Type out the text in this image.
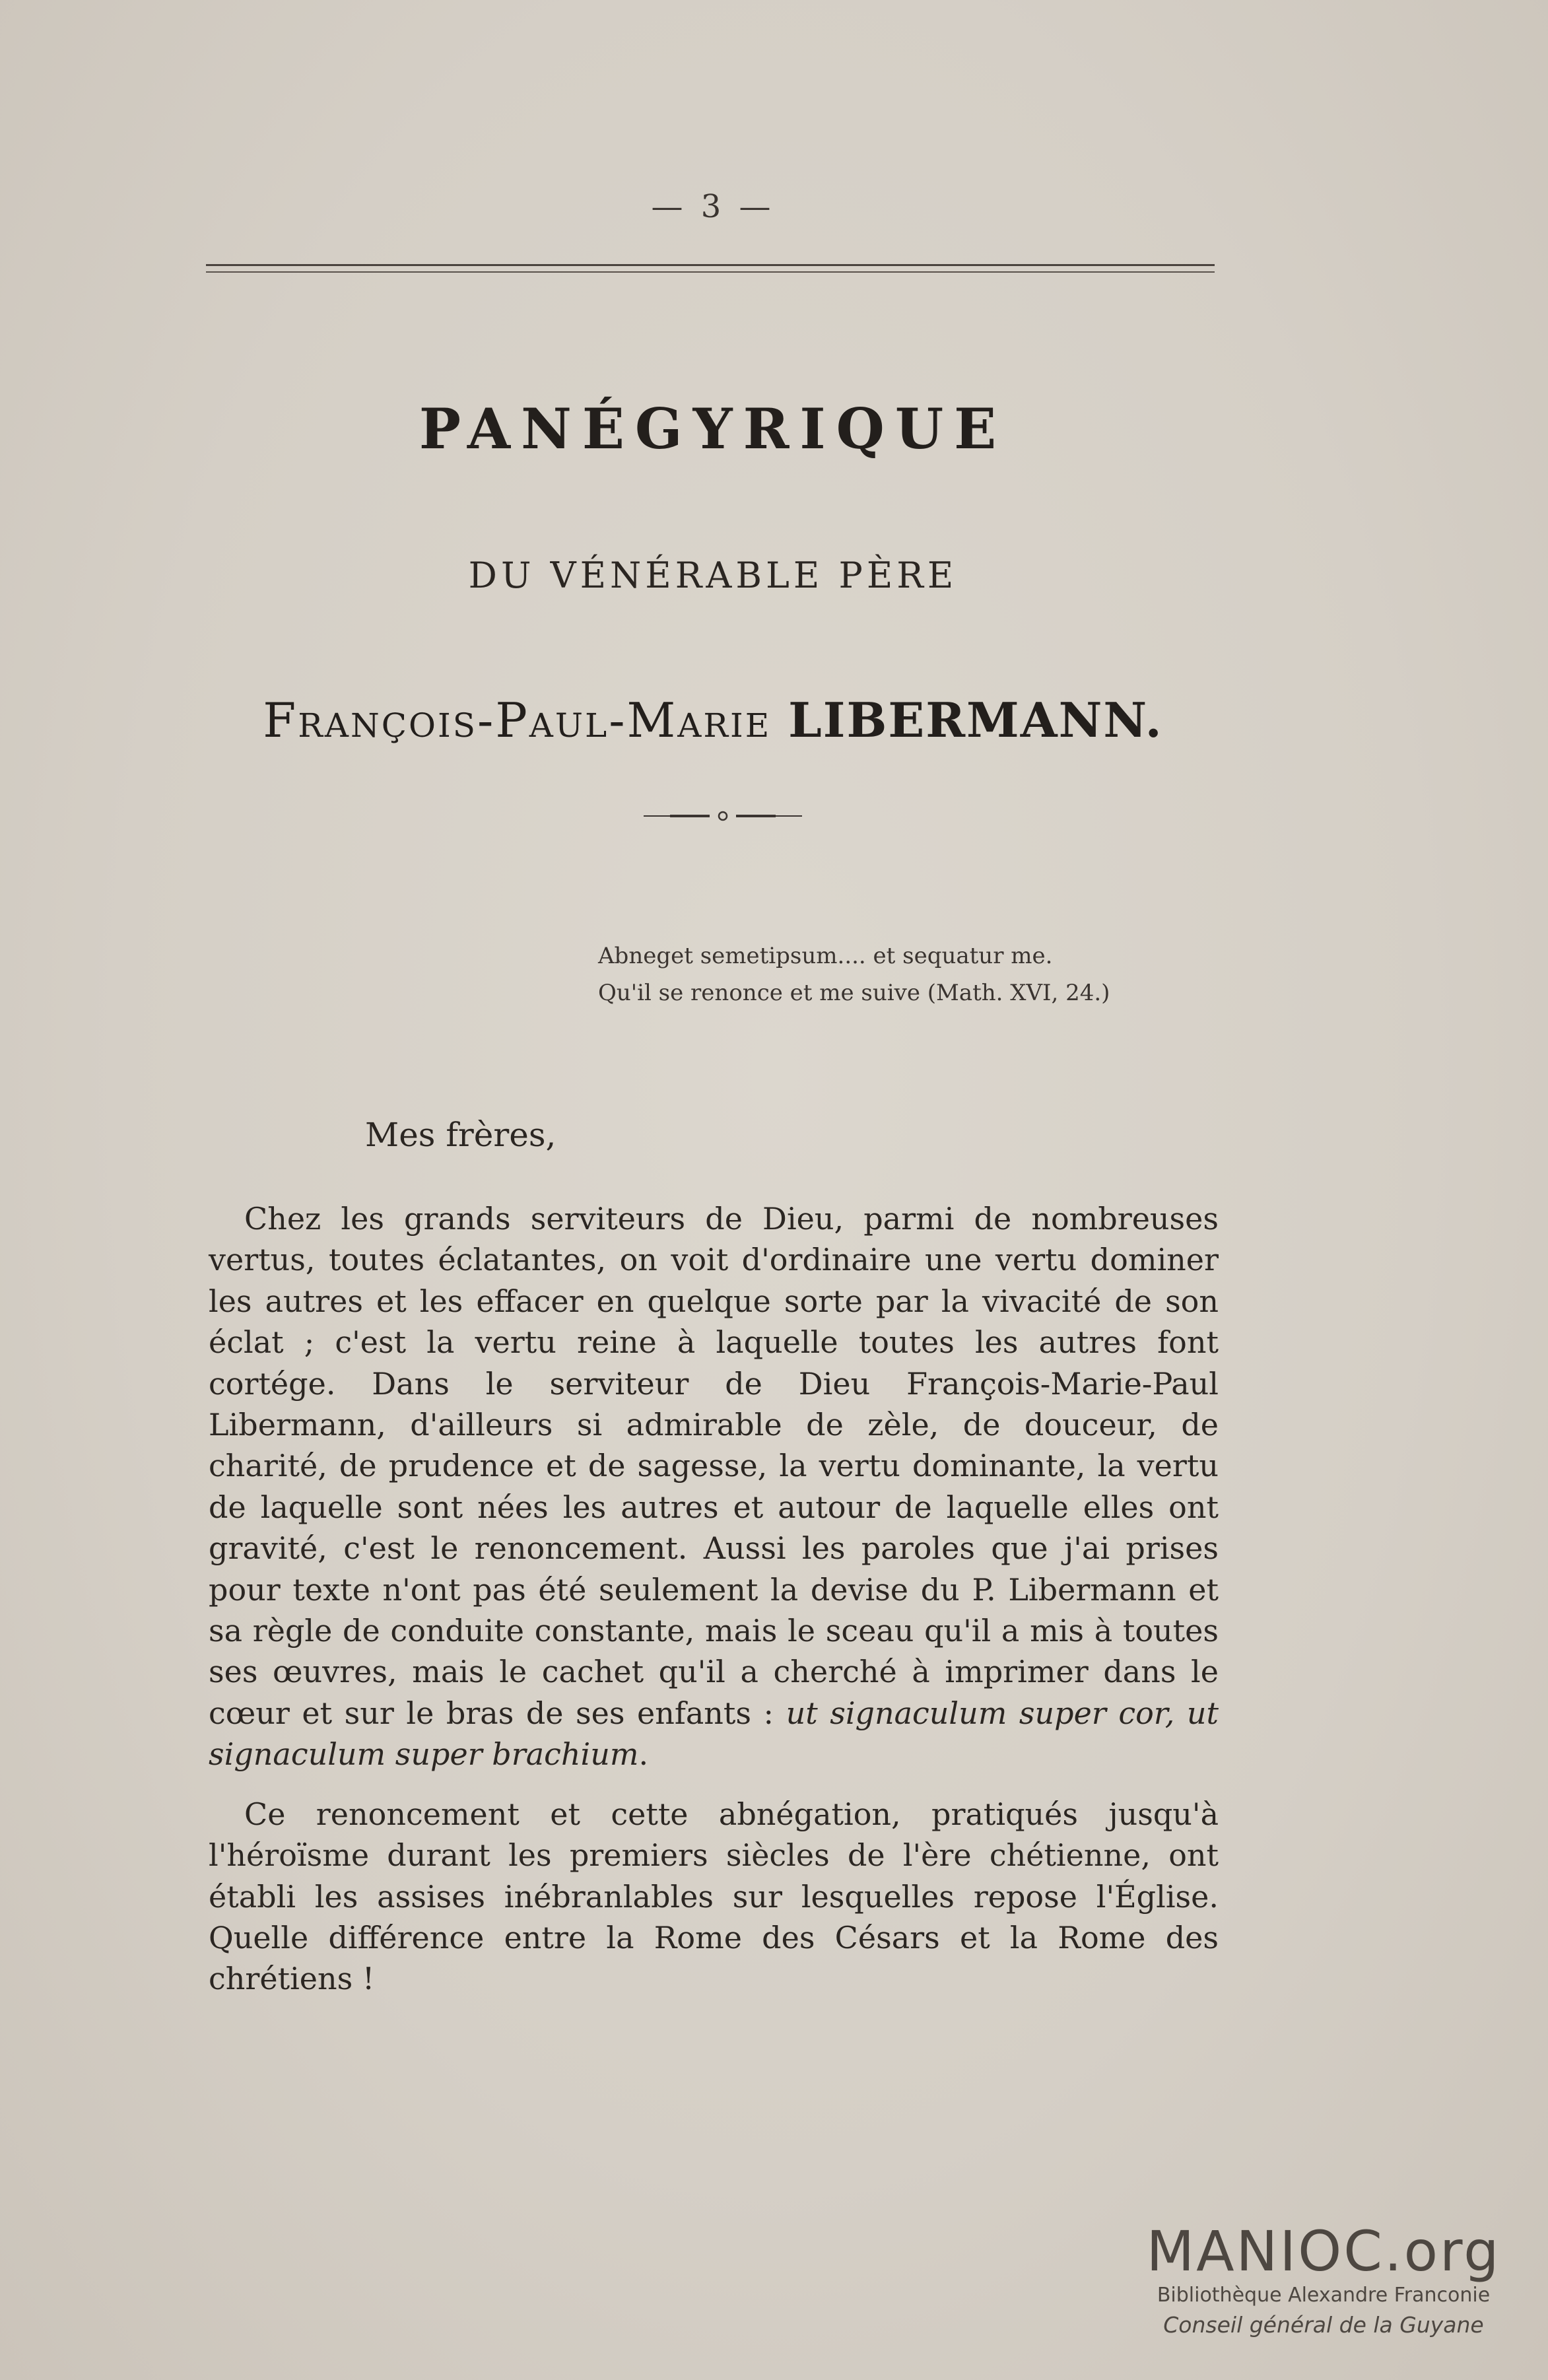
— 3 —
PANÉGYRIQUE
DU VÉNÉRABLE PÈRE
François-Paul-Marie LIBERMANN.
Abneget semetipsum.... et sequatur me.
Qu'il se renonce et me suive (Math. XVI, 24.)
Mes frères,

Chez les grands serviteurs de Dieu, parmi de nombreuses vertus, toutes éclatantes, on voit d'ordinaire une vertu dominer les autres et les effacer en quelque sorte par la vivacité de son éclat ; c'est la vertu reine à laquelle toutes les autres font cortége. Dans le serviteur de Dieu François-Marie-Paul Libermann, d'ailleurs si admirable de zèle, de douceur, de charité, de prudence et de sagesse, la vertu dominante, la vertu de laquelle sont nées les autres et autour de laquelle elles ont gravité, c'est le renoncement. Aussi les paroles que j'ai prises pour texte n'ont pas été seulement la devise du P. Libermann et sa règle de conduite constante, mais le sceau qu'il a mis à toutes ses œuvres, mais le cachet qu'il a cherché à imprimer dans le cœur et sur le bras de ses enfants : ut signaculum super cor, ut signaculum super brachium.

Ce renoncement et cette abnégation, pratiqués jusqu'à l'héroïsme durant les premiers siècles de l'ère chétienne, ont établi les assises inébranlables sur lesquelles repose l'Église. Quelle différence entre la Rome des Césars et la Rome des chrétiens !

MANIOC.org
Bibliothèque Alexandre Franconie
Conseil général de la Guyane
